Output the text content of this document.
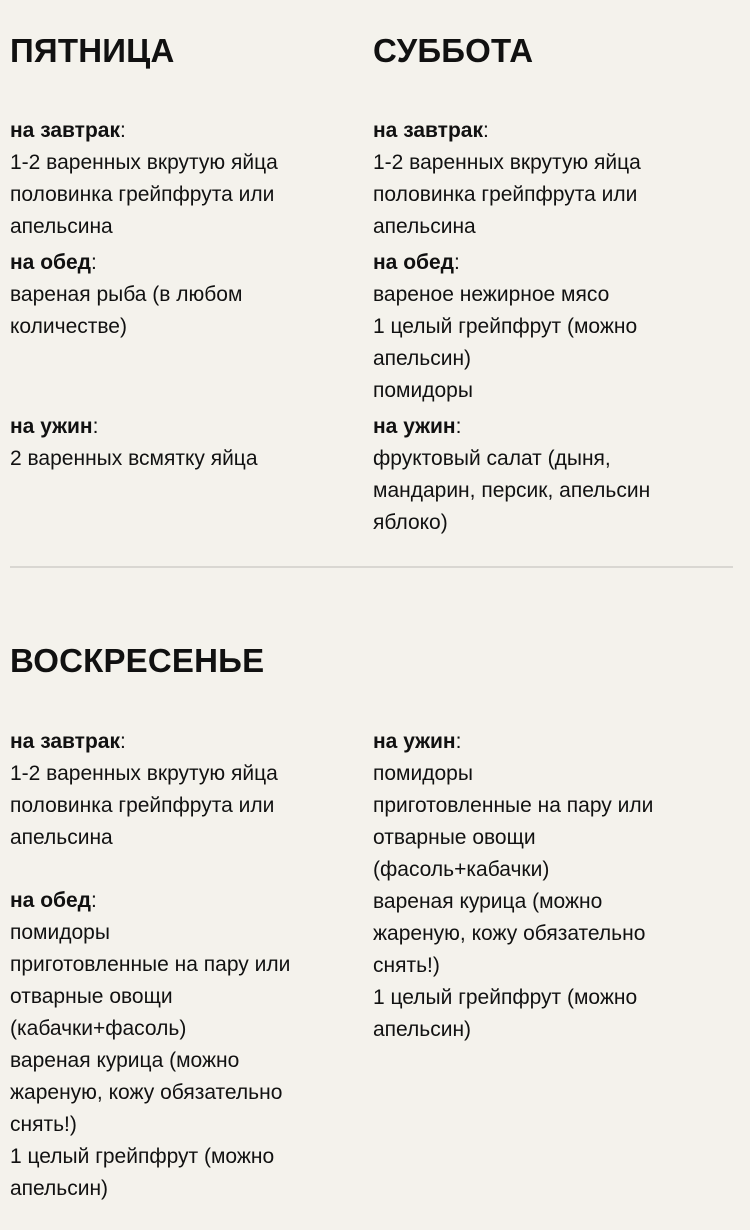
ПЯТНИЦА
на завтрак:
1-2 варенных вкрутую яйца
половинка грейпфрута или
апельсина
на обед:
вареная рыба (в любом
количестве)
на ужин:
2 варенных всмятку яйца
СУББОТА
на завтрак:
1-2 варенных вкрутую яйца
половинка грейпфрута или
апельсина
на обед:
вареное нежирное мясо
1 целый грейпфрут (можно
апельсин)
помидоры
на ужин:
фруктовый салат (дыня,
мандарин, персик, апельсин
яблоко)
ВОСКРЕСЕНЬЕ
на завтрак:
1-2 варенных вкрутую яйца
половинка грейпфрута или
апельсина
на обед:
помидоры
приготовленные на пару или
отварные овощи
(кабачки+фасоль)
вареная курица (можно
жареную, кожу обязательно
снять!)
1 целый грейпфрут (можно
апельсин)
на ужин:
помидоры
приготовленные на пару или
отварные овощи
(фасоль+кабачки)
вареная курица (можно
жареную, кожу обязательно
снять!)
1 целый грейпфрут (можно
апельсин)
